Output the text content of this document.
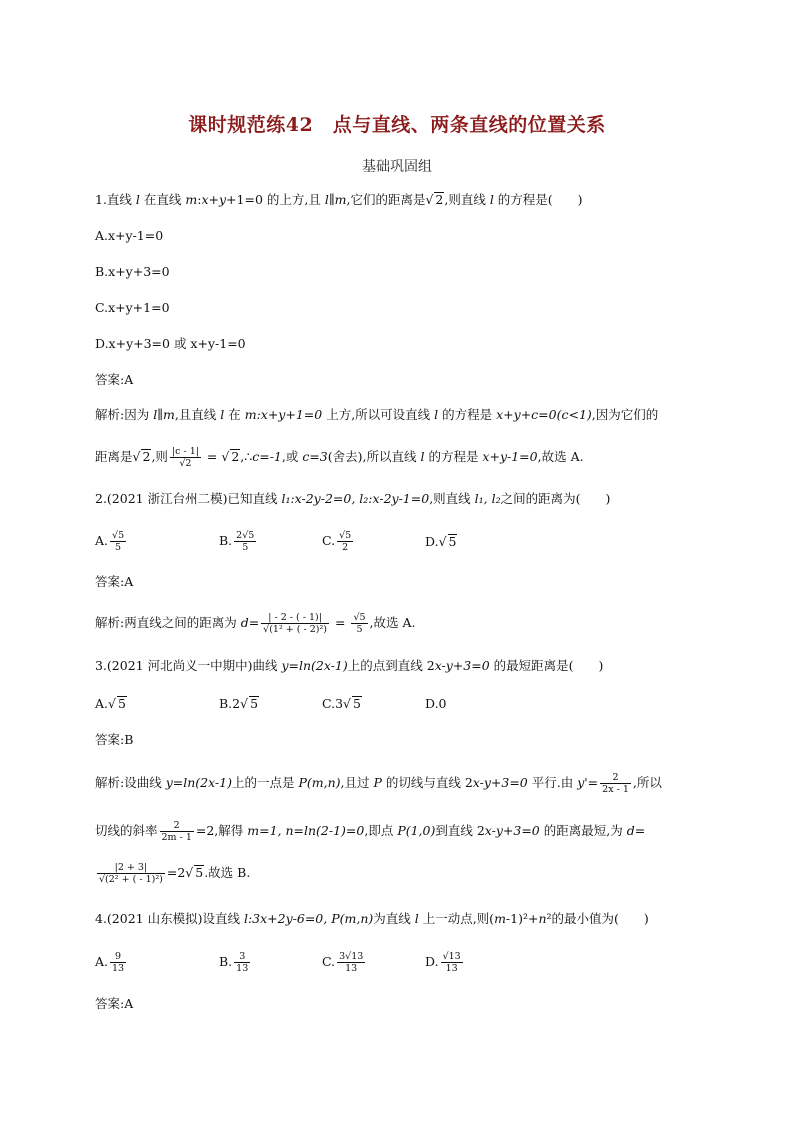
课时规范练42　点与直线、两条直线的位置关系
基础巩固组
1.直线 l 在直线 m:x+y+1=0 的上方,且 l∥m,它们的距离是√ 2,则直线 l 的方程是(　　)
A.x+y-1=0
B.x+y+3=0
C.x+y+1=0
D.x+y+3=0 或 x+y-1=0
答案:A
解析:因为 l∥m,且直线 l 在 m:x+y+1=0 上方,所以可设直线 l 的方程是 x+y+c=0(c<1),因为它们的
距离是√ 2,则 $\frac{|c - 1|}{√2}$ = √ 2,∴c=-1,或 c=3(舍去),所以直线 l 的方程是 x+y-1=0,故选 A.
2.(2021 浙江台州二模)已知直线 l₁:x-2y-2=0, l₂:x-2y-1=0,则直线 l₁, l₂之间的距离为(　　)
A. $\frac{√5}{5}$	B. $\frac{2√5}{5}$	C. $\frac{√5}{2}$	D.√ 5
答案:A
解析:两直线之间的距离为 $d= \frac{| - 2 - ( - 1)|}{\text{√(1² + ( - 2)²)}} = \frac{√5}{5}$ ,故选 A.
3.(2021 河北尚义一中期中)曲线 y=ln(2x-1)上的点到直线 2x-y+3=0 的最短距离是(　　)
A.√ 5	B.2√ 5	C.3√ 5	D.0
答案:B
解析:设曲线 y=ln(2x-1)上的一点是 P(m,n),且过 P 的切线与直线 2x-y+3=0 平行.由 $y'= \frac{2}{2x - 1}$ ,所以
切线的斜率 $\frac{2}{2m - 1} =2$,解得 m=1, n=ln(2-1)=0,即点 P(1,0)到直线 2x-y+3=0 的距离最短,为 d=
$\frac{|2 + 3|}{\text{√(2² + ( - 1)²)}} =2√$ 5.故选 B.
4.(2021 山东模拟)设直线 l:3x+2y-6=0, P(m,n)为直线 l 上一动点,则(m-1)²+n²的最小值为(　　)
A. $\frac{9}{13}$	B. $\frac{3}{13}$	C. $\frac{3√13}{13}$	D. $\frac{√13}{13}$
答案:A
